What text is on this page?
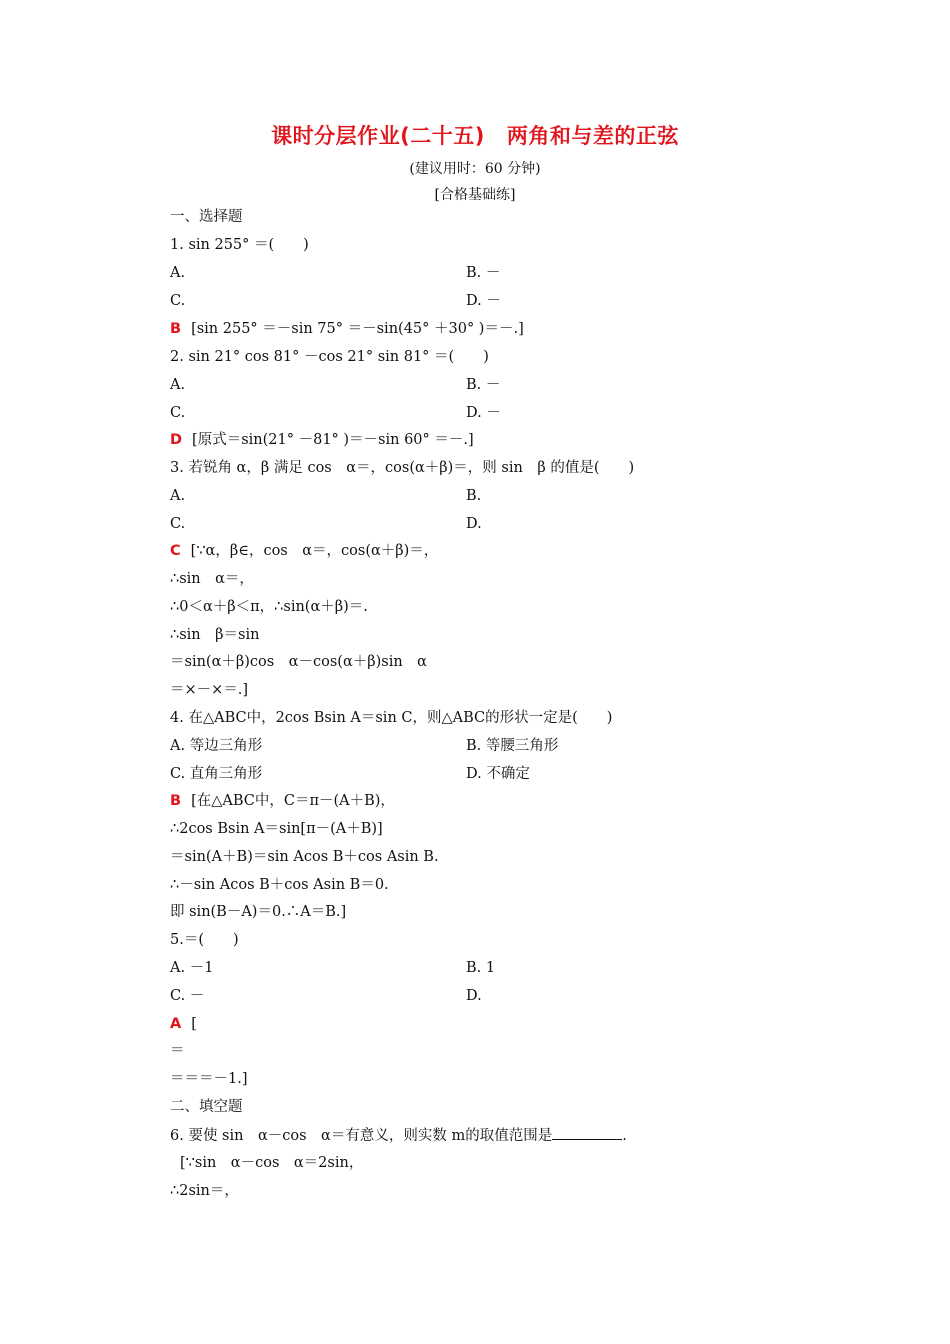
课时分层作业(二十五) 两角和与差的正弦
(建议用时：60 分钟)
[合格基础练]
一、选择题
1. sin 255° ＝(　　)
A.	B. －
C.	D. －
B [sin 255° ＝－sin 75° ＝－sin(45° ＋30° )＝－.]
2. sin 21° cos 81° －cos 21° sin 81° ＝(　　)
A.	B. －
C.	D. －
D [原式＝sin(21° －81° )＝－sin 60° ＝－.]
3. 若锐角 α，β 满足 cos　α＝，cos(α＋β)＝，则 sin　β 的值是(　　)
A.	B.
C.	D.
C [∵α，β∈，cos　α＝，cos(α＋β)＝，
∴sin　α＝，
∴0＜α＋β＜π，∴sin(α＋β)＝.
∴sin　β＝sin
＝sin(α＋β)cos　α－cos(α＋β)sin　α
＝×－×＝.]
4. 在△ABC中，2cos Bsin A＝sin C，则△ABC的形状一定是(　　)
A. 等边三角形	B. 等腰三角形
C. 直角三角形	D. 不确定
B [在△ABC中，C＝π－(A＋B)，
∴2cos Bsin A＝sin[π－(A＋B)]
＝sin(A＋B)＝sin Acos B＋cos Asin B.
∴－sin Acos B＋cos Asin B＝0.
即 sin(B－A)＝0.∴A＝B.]
5.＝(　　)
A. －1	B. 1
C. －	D.
A [
＝
＝＝＝－1.]
二、填空题
6. 要使 sin　α－cos　α＝有意义，则实数 m的取值范围是	.
[∵sin　α－cos　α＝2sin，
∴2sin＝，
